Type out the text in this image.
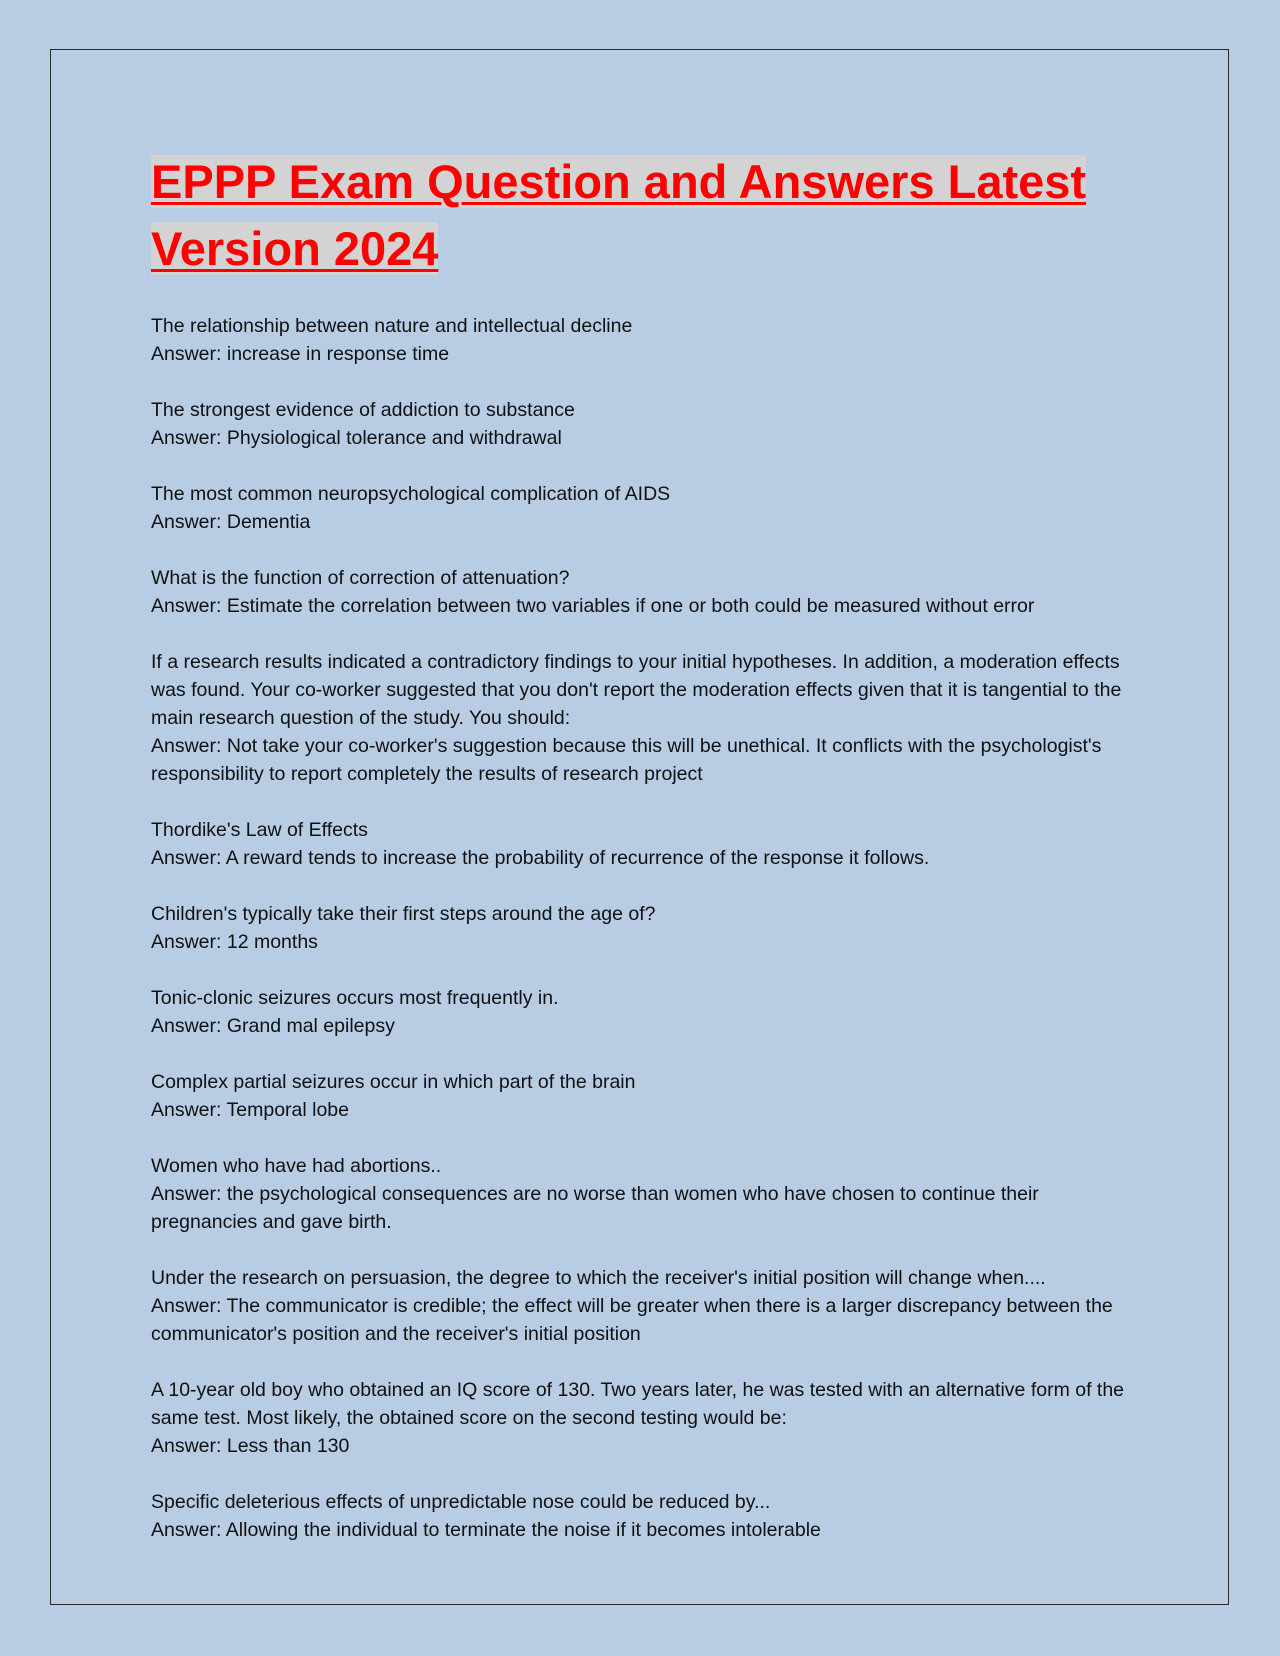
EPPP Exam Question and Answers Latest Version 2024

The relationship between nature and intellectual decline

Answer: increase in response time

The strongest evidence of addiction to substance

Answer: Physiological tolerance and withdrawal

The most common neuropsychological complication of AIDS

Answer: Dementia

What is the function of correction of attenuation?

Answer: Estimate the correlation between two variables if one or both could be measured without error

If a research results indicated a contradictory findings to your initial hypotheses. In addition, a moderation effects was found. Your co-worker suggested that you don't report the moderation effects given that it is tangential to the main research question of the study. You should:

Answer: Not take your co-worker's suggestion because this will be unethical. It conflicts with the psychologist's responsibility to report completely the results of research project

Thordike's Law of Effects

Answer: A reward tends to increase the probability of recurrence of the response it follows.

Children's typically take their first steps around the age of?

Answer: 12 months

Tonic-clonic seizures occurs most frequently in.

Answer: Grand mal epilepsy

Complex partial seizures occur in which part of the brain

Answer: Temporal lobe

Women who have had abortions..

Answer: the psychological consequences are no worse than women who have chosen to continue their pregnancies and gave birth.

Under the research on persuasion, the degree to which the receiver's initial position will change when....

Answer: The communicator is credible; the effect will be greater when there is a larger discrepancy between the communicator's position and the receiver's initial position

A 10-year old boy who obtained an IQ score of 130. Two years later, he was tested with an alternative form of the same test. Most likely, the obtained score on the second testing would be:

Answer: Less than 130

Specific deleterious effects of unpredictable nose could be reduced by...

Answer: Allowing the individual to terminate the noise if it becomes intolerable
